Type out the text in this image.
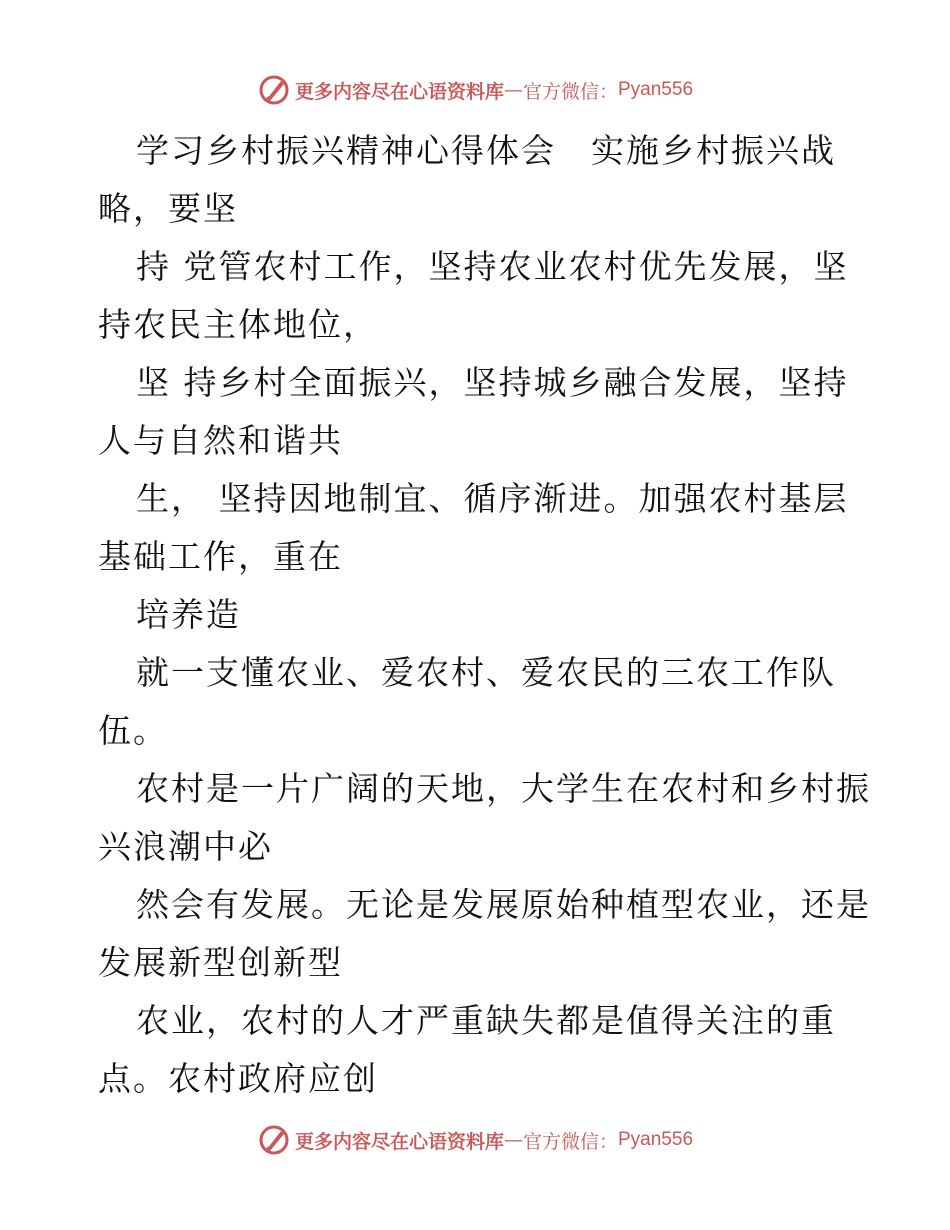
更多内容尽在心语资料库 — 官方微信： Pyan556
学习乡村振兴精神心得体会　实施乡村振兴战
略，要坚
持 党管农村工作，坚持农业农村优先发展，坚
持农民主体地位，
坚 持乡村全面振兴，坚持城乡融合发展，坚持
人与自然和谐共
生， 坚持因地制宜、循序渐进。加强农村基层
基础工作，重在
培养造
就一支懂农业、爱农村、爱农民的三农工作队
伍。
农村是一片广阔的天地，大学生在农村和乡村振
兴浪潮中必
然会有发展。无论是发展原始种植型农业，还是
发展新型创新型
农业，农村的人才严重缺失都是值得关注的重
点。农村政府应创
更多内容尽在心语资料库 — 官方微信： Pyan556
